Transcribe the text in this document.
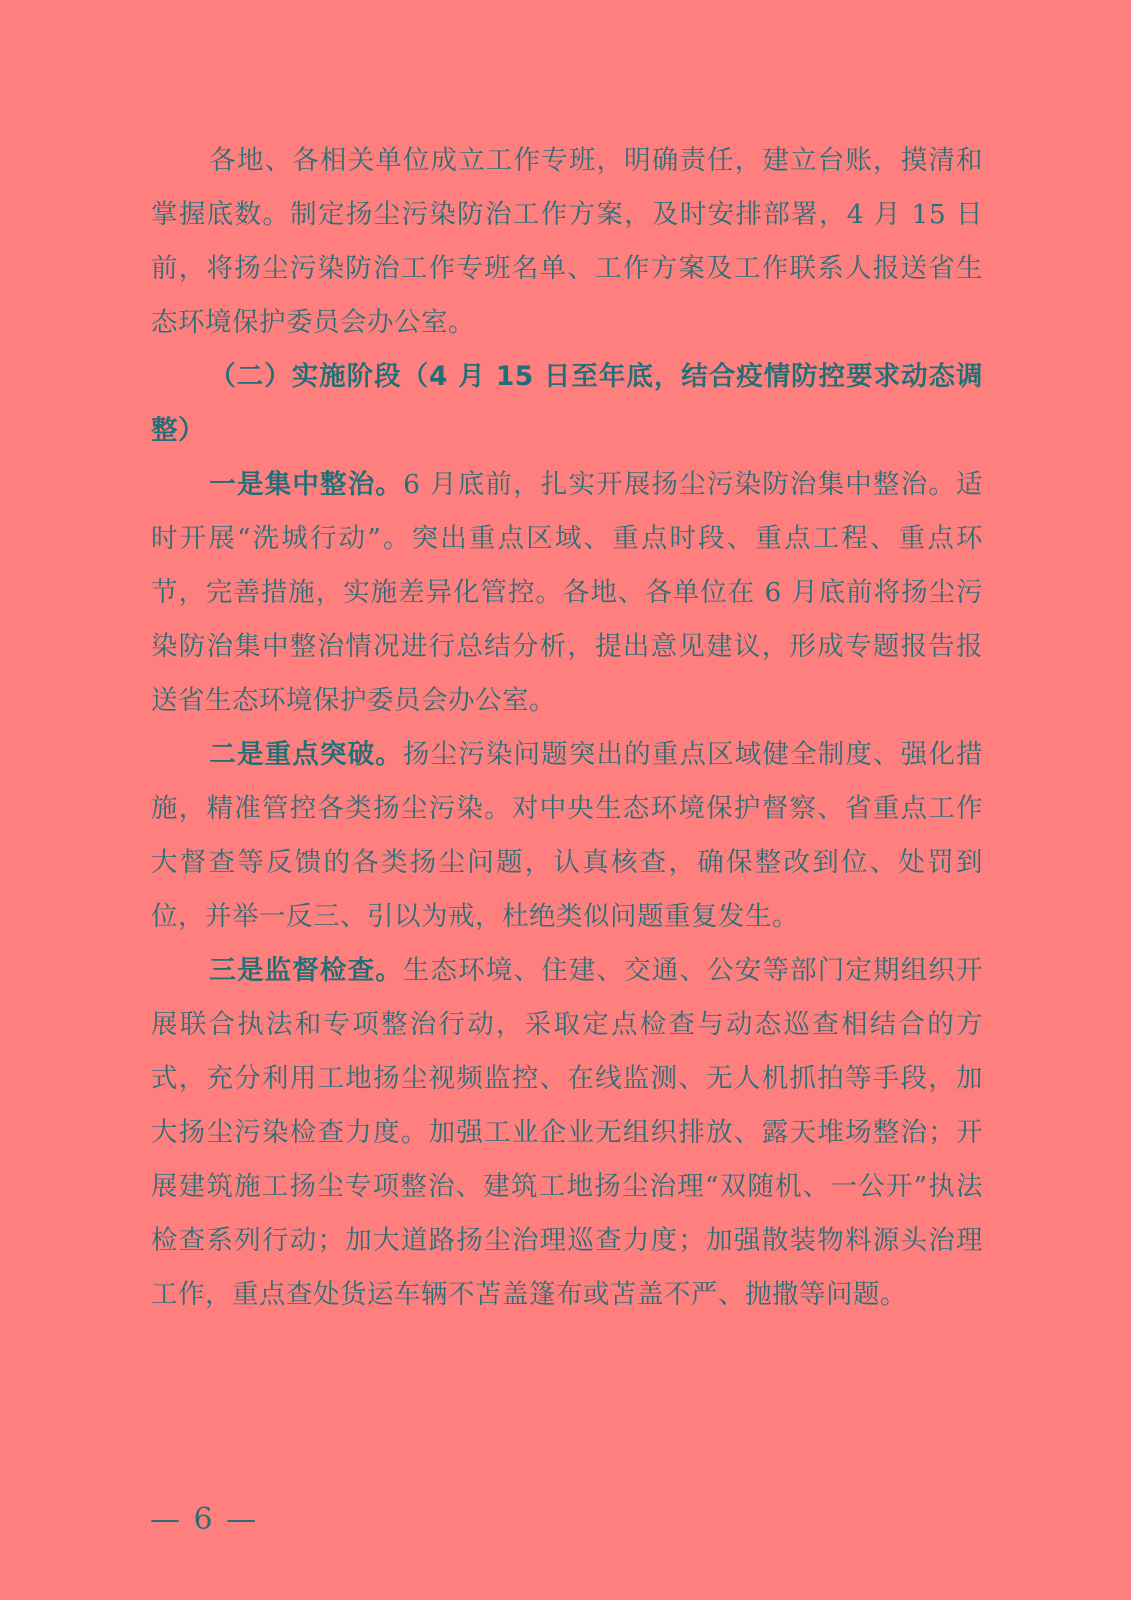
各地、各相关单位成立工作专班，明确责任，建立台账，摸清和掌握底数。制定扬尘污染防治工作方案，及时安排部署，4 月 15 日前，将扬尘污染防治工作专班名单、工作方案及工作联系人报送省生态环境保护委员会办公室。

（二）实施阶段（4 月 15 日至年底，结合疫情防控要求动态调整）

一是集中整治。6 月底前，扎实开展扬尘污染防治集中整治。适时开展“洗城行动”。突出重点区域、重点时段、重点工程、重点环节，完善措施，实施差异化管控。各地、各单位在 6 月底前将扬尘污染防治集中整治情况进行总结分析，提出意见建议，形成专题报告报送省生态环境保护委员会办公室。

二是重点突破。扬尘污染问题突出的重点区域健全制度、强化措施，精准管控各类扬尘污染。对中央生态环境保护督察、省重点工作大督查等反馈的各类扬尘问题，认真核查，确保整改到位、处罚到位，并举一反三、引以为戒，杜绝类似问题重复发生。

三是监督检查。生态环境、住建、交通、公安等部门定期组织开展联合执法和专项整治行动，采取定点检查与动态巡查相结合的方式，充分利用工地扬尘视频监控、在线监测、无人机抓拍等手段，加大扬尘污染检查力度。加强工业企业无组织排放、露天堆场整治；开展建筑施工扬尘专项整治、建筑工地扬尘治理“双随机、一公开”执法检查系列行动；加大道路扬尘治理巡查力度；加强散装物料源头治理工作，重点查处货运车辆不苫盖篷布或苫盖不严、抛撒等问题。

— 6 —
